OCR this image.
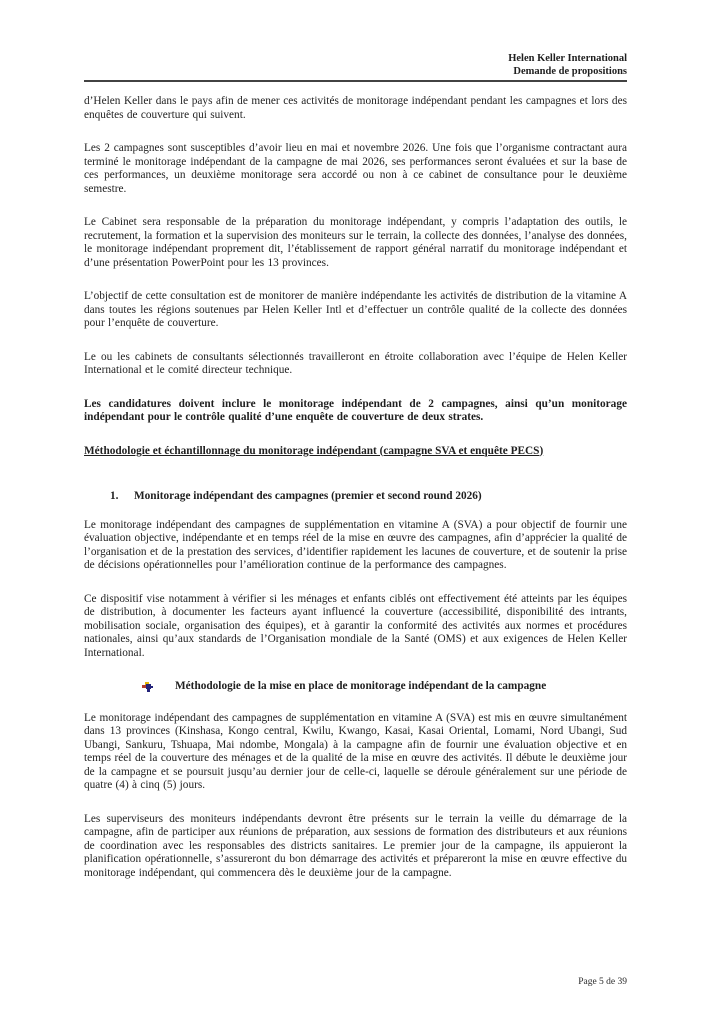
Helen Keller International
Demande de propositions

d’Helen Keller dans le pays afin de mener ces activités de monitorage indépendant pendant les campagnes et lors des enquêtes de couverture qui suivent.

Les 2 campagnes sont susceptibles d’avoir lieu en mai et novembre 2026. Une fois que l’organisme contractant aura terminé le monitorage indépendant de la campagne de mai 2026, ses performances seront évaluées et sur la base de ces performances, un deuxième monitorage sera accordé ou non à ce cabinet de consultance pour le deuxième semestre.

Le Cabinet sera responsable de la préparation du monitorage indépendant, y compris l’adaptation des outils, le recrutement, la formation et la supervision des moniteurs sur le terrain, la collecte des données, l’analyse des données, le monitorage indépendant proprement dit, l’établissement de rapport général narratif du monitorage indépendant et d’une présentation PowerPoint pour les 13 provinces.

L’objectif de cette consultation est de monitorer de manière indépendante les activités de distribution de la vitamine A dans toutes les régions soutenues par Helen Keller Intl et d’effectuer un contrôle qualité de la collecte des données pour l’enquête de couverture.

Le ou les cabinets de consultants sélectionnés travailleront en étroite collaboration avec l’équipe de Helen Keller International et le comité directeur technique.

Les candidatures doivent inclure le monitorage indépendant de 2 campagnes, ainsi qu’un monitorage indépendant pour le contrôle qualité d’une enquête de couverture de deux strates.

Méthodologie et échantillonnage du monitorage indépendant (campagne SVA et enquête PECS)
1. Monitorage indépendant des campagnes (premier et second round 2026)

Le monitorage indépendant des campagnes de supplémentation en vitamine A (SVA) a pour objectif de fournir une évaluation objective, indépendante et en temps réel de la mise en œuvre des campagnes, afin d’apprécier la qualité de l’organisation et de la prestation des services, d’identifier rapidement les lacunes de couverture, et de soutenir la prise de décisions opérationnelles pour l’amélioration continue de la performance des campagnes.

Ce dispositif vise notamment à vérifier si les ménages et enfants ciblés ont effectivement été atteints par les équipes de distribution, à documenter les facteurs ayant influencé la couverture (accessibilité, disponibilité des intrants, mobilisation sociale, organisation des équipes), et à garantir la conformité des activités aux normes et procédures nationales, ainsi qu’aux standards de l’Organisation mondiale de la Santé (OMS) et aux exigences de Helen Keller International.

Méthodologie de la mise en place de monitorage indépendant de la campagne

Le monitorage indépendant des campagnes de supplémentation en vitamine A (SVA) est mis en œuvre simultanément dans 13 provinces (Kinshasa, Kongo central, Kwilu, Kwango, Kasai, Kasai Oriental, Lomami, Nord Ubangi, Sud Ubangi, Sankuru, Tshuapa, Mai ndombe, Mongala) à la campagne afin de fournir une évaluation objective et en temps réel de la couverture des ménages et de la qualité de la mise en œuvre des activités. Il débute le deuxième jour de la campagne et se poursuit jusqu’au dernier jour de celle-ci, laquelle se déroule généralement sur une période de quatre (4) à cinq (5) jours.

Les superviseurs des moniteurs indépendants devront être présents sur le terrain la veille du démarrage de la campagne, afin de participer aux réunions de préparation, aux sessions de formation des distributeurs et aux réunions de coordination avec les responsables des districts sanitaires. Le premier jour de la campagne, ils appuieront la planification opérationnelle, s’assureront du bon démarrage des activités et prépareront la mise en œuvre effective du monitorage indépendant, qui commencera dès le deuxième jour de la campagne.

Page 5 de 39
